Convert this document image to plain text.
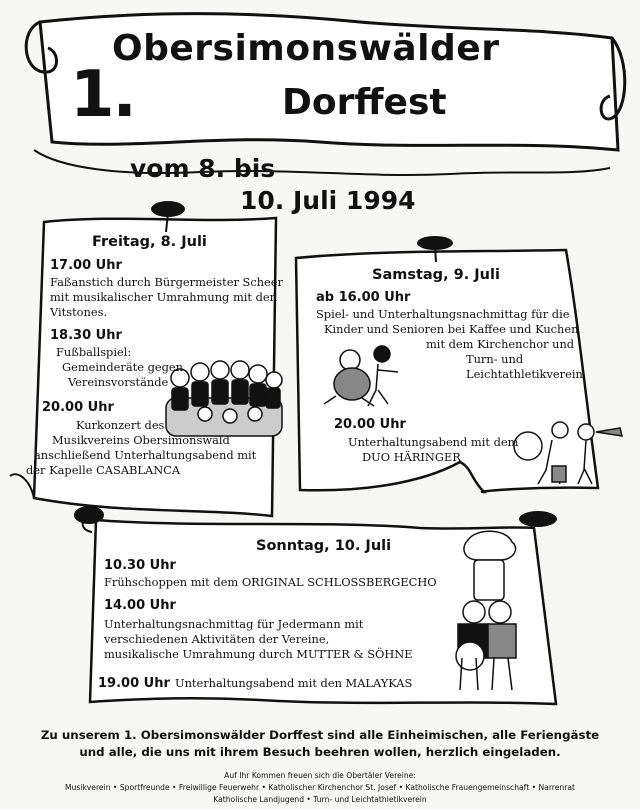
1.
Obersimonswälder
Dorffest
vom 8. bis
10. Juli 1994
Freitag, 8. Juli
17.00 Uhr
Faßanstich durch Bürgermeister Scheer
mit musikalischer Umrahmung mit den
Vitstones.
18.30 Uhr
Fußballspiel:
Gemeinderäte gegen
Vereinsvorstände
20.00 Uhr
Kurkonzert des
Musikvereins Obersimonswald
anschließend Unterhaltungsabend mit
der Kapelle CASABLANCA
Samstag, 9. Juli
ab 16.00 Uhr
Spiel- und Unterhaltungsnachmittag für die
Kinder und Senioren bei Kaffee und Kuchen
mit dem Kirchenchor und
Turn- und Leichtathletikverein
20.00 Uhr
Unterhaltungsabend mit dem
DUO HÄRINGER
Sonntag, 10. Juli
10.30 Uhr
Frühschoppen mit dem ORIGINAL SCHLOSSBERGECHO
14.00 Uhr
Unterhaltungsnachmittag für Jedermann mit
verschiedenen Aktivitäten der Vereine,
musikalische Umrahmung durch MUTTER & SÖHNE
19.00 Uhr Unterhaltungsabend mit den MALAYKAS
Zu unserem 1. Obersimonswälder Dorffest sind alle Einheimischen, alle Feriengäste
und alle, die uns mit ihrem Besuch beehren wollen, herzlich eingeladen.
Auf Ihr Kommen freuen sich die Obertäler Vereine:
Musikverein • Sportfreunde • Freiwillige Feuerwehr • Katholischer Kirchenchor St. Josef • Katholische Frauengemeinschaft • Narrenrat
Katholische Landjugend • Turn- und Leichtathletikverein
